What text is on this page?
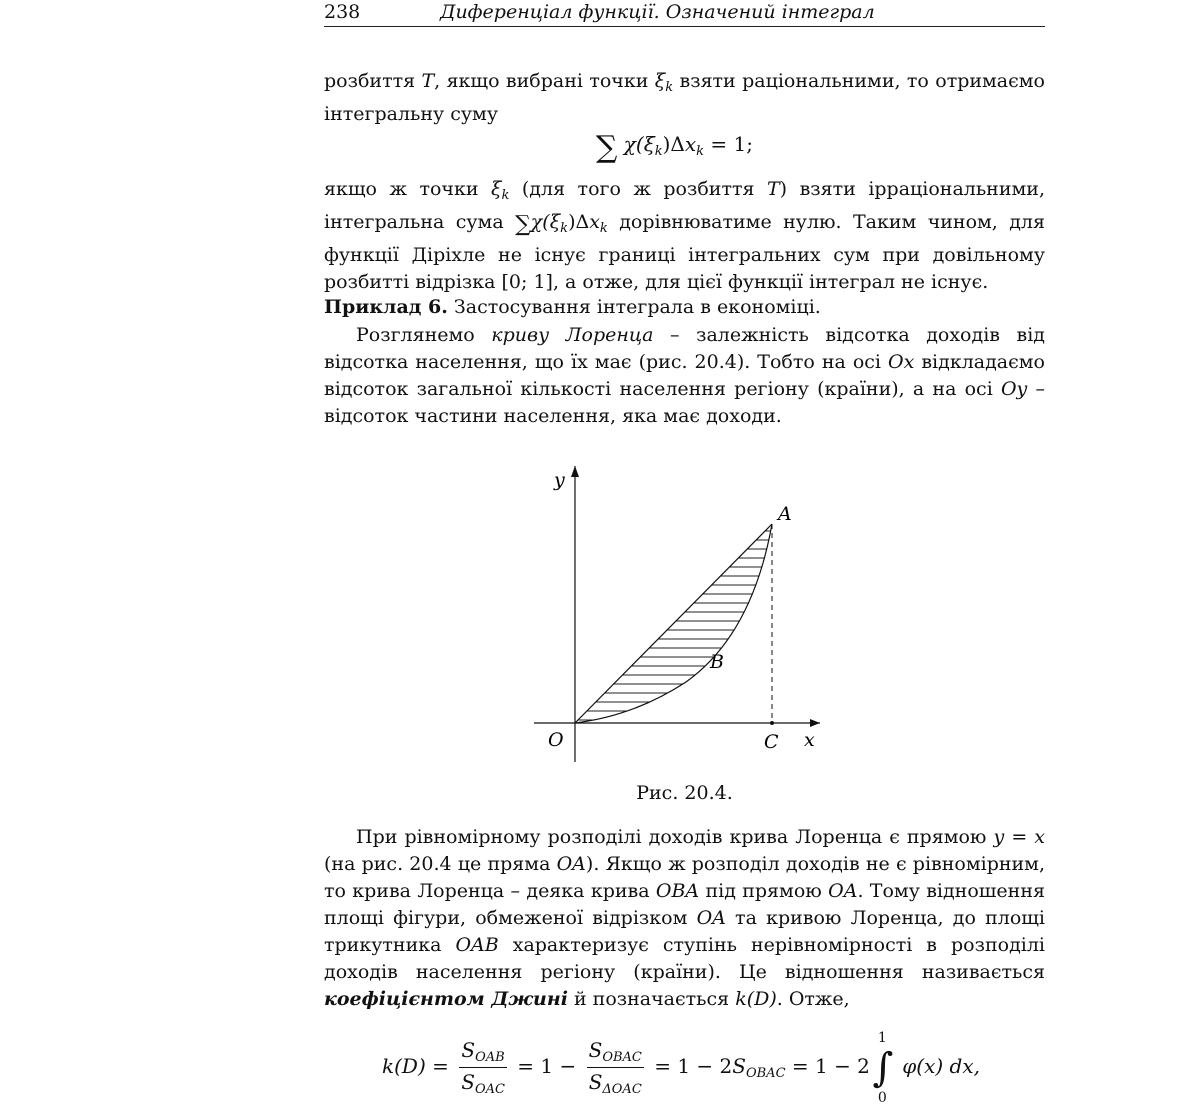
238	Диференціал функції. Означений інтеграл

розбиття T, якщо вибрані точки $\xi_k$ взяти раціональними, то отримаємо інтегральну суму

∑ $\chi(\xi_k)\Delta x_k = 1$;

якщо ж точки $\xi_k$ (для того ж розбиття T) взяти ірраціональними, інтегральна сума $\sum\chi(\xi_k)\Delta x_k$ дорівнюватиме нулю. Таким чином, для функції Діріхле не існує границі інтегральних сум при довільному розбитті відрізка [0; 1], а отже, для цієї функції інтеграл не існує.

Приклад 6. Застосування інтеграла в економіці.

Розглянемо криву Лоренца – залежність відсотка доходів від відсотка населення, що їх має (рис. 20.4). Тобто на осі Ox відкладаємо відсоток загальної кількості населення регіону (країни), а на осі Oy – відсоток частини населення, яка має доходи.

y
x
O
A
B
C
Рис. 20.4.

При рівномірному розподілі доходів крива Лоренца є прямою y = x (на рис. 20.4 це пряма OA). Якщо ж розподіл доходів не є рівномірним, то крива Лоренца – деяка крива OBA під прямою OA. Тому відношення площі фігури, обмеженої відрізком OA та кривою Лоренца, до площі трикутника OAB характеризує ступінь нерівномірності в розподілі доходів населення регіону (країни). Це відношення називається коефіцієнтом Джині й позначається k(D). Отже,

$k(D) = \frac{S_{OAB}}{S_{OAC}} = 1 - \frac{S_{OBAC}}{S_{\Delta OAC}} = 1 - 2S_{OBAC} = 1 - 2$
1
∫
0
φ(x) dx,
